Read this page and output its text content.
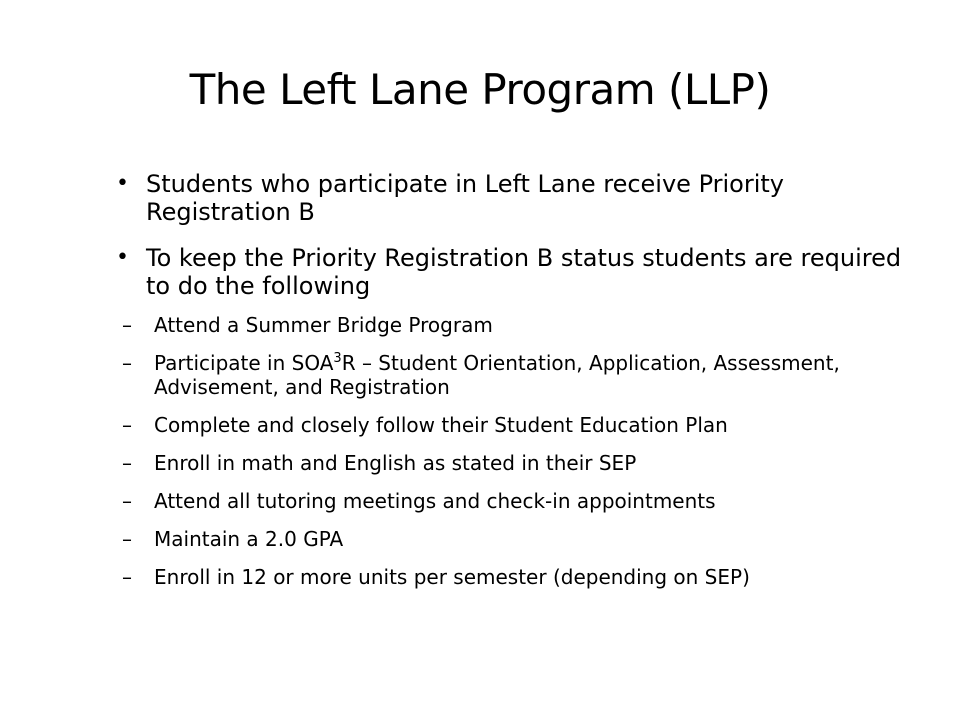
The Left Lane Program (LLP)
• Students who participate in Left Lane receive Priority Registration B
• To keep the Priority Registration B status students are required to do the following
– Attend a Summer Bridge Program
– Participate in SOA$^3$R – Student Orientation, Application, Assessment, Advisement, and Registration
– Complete and closely follow their Student Education Plan
– Enroll in math and English as stated in their SEP
– Attend all tutoring meetings and check-in appointments
– Maintain a 2.0 GPA
– Enroll in 12 or more units per semester (depending on SEP)
